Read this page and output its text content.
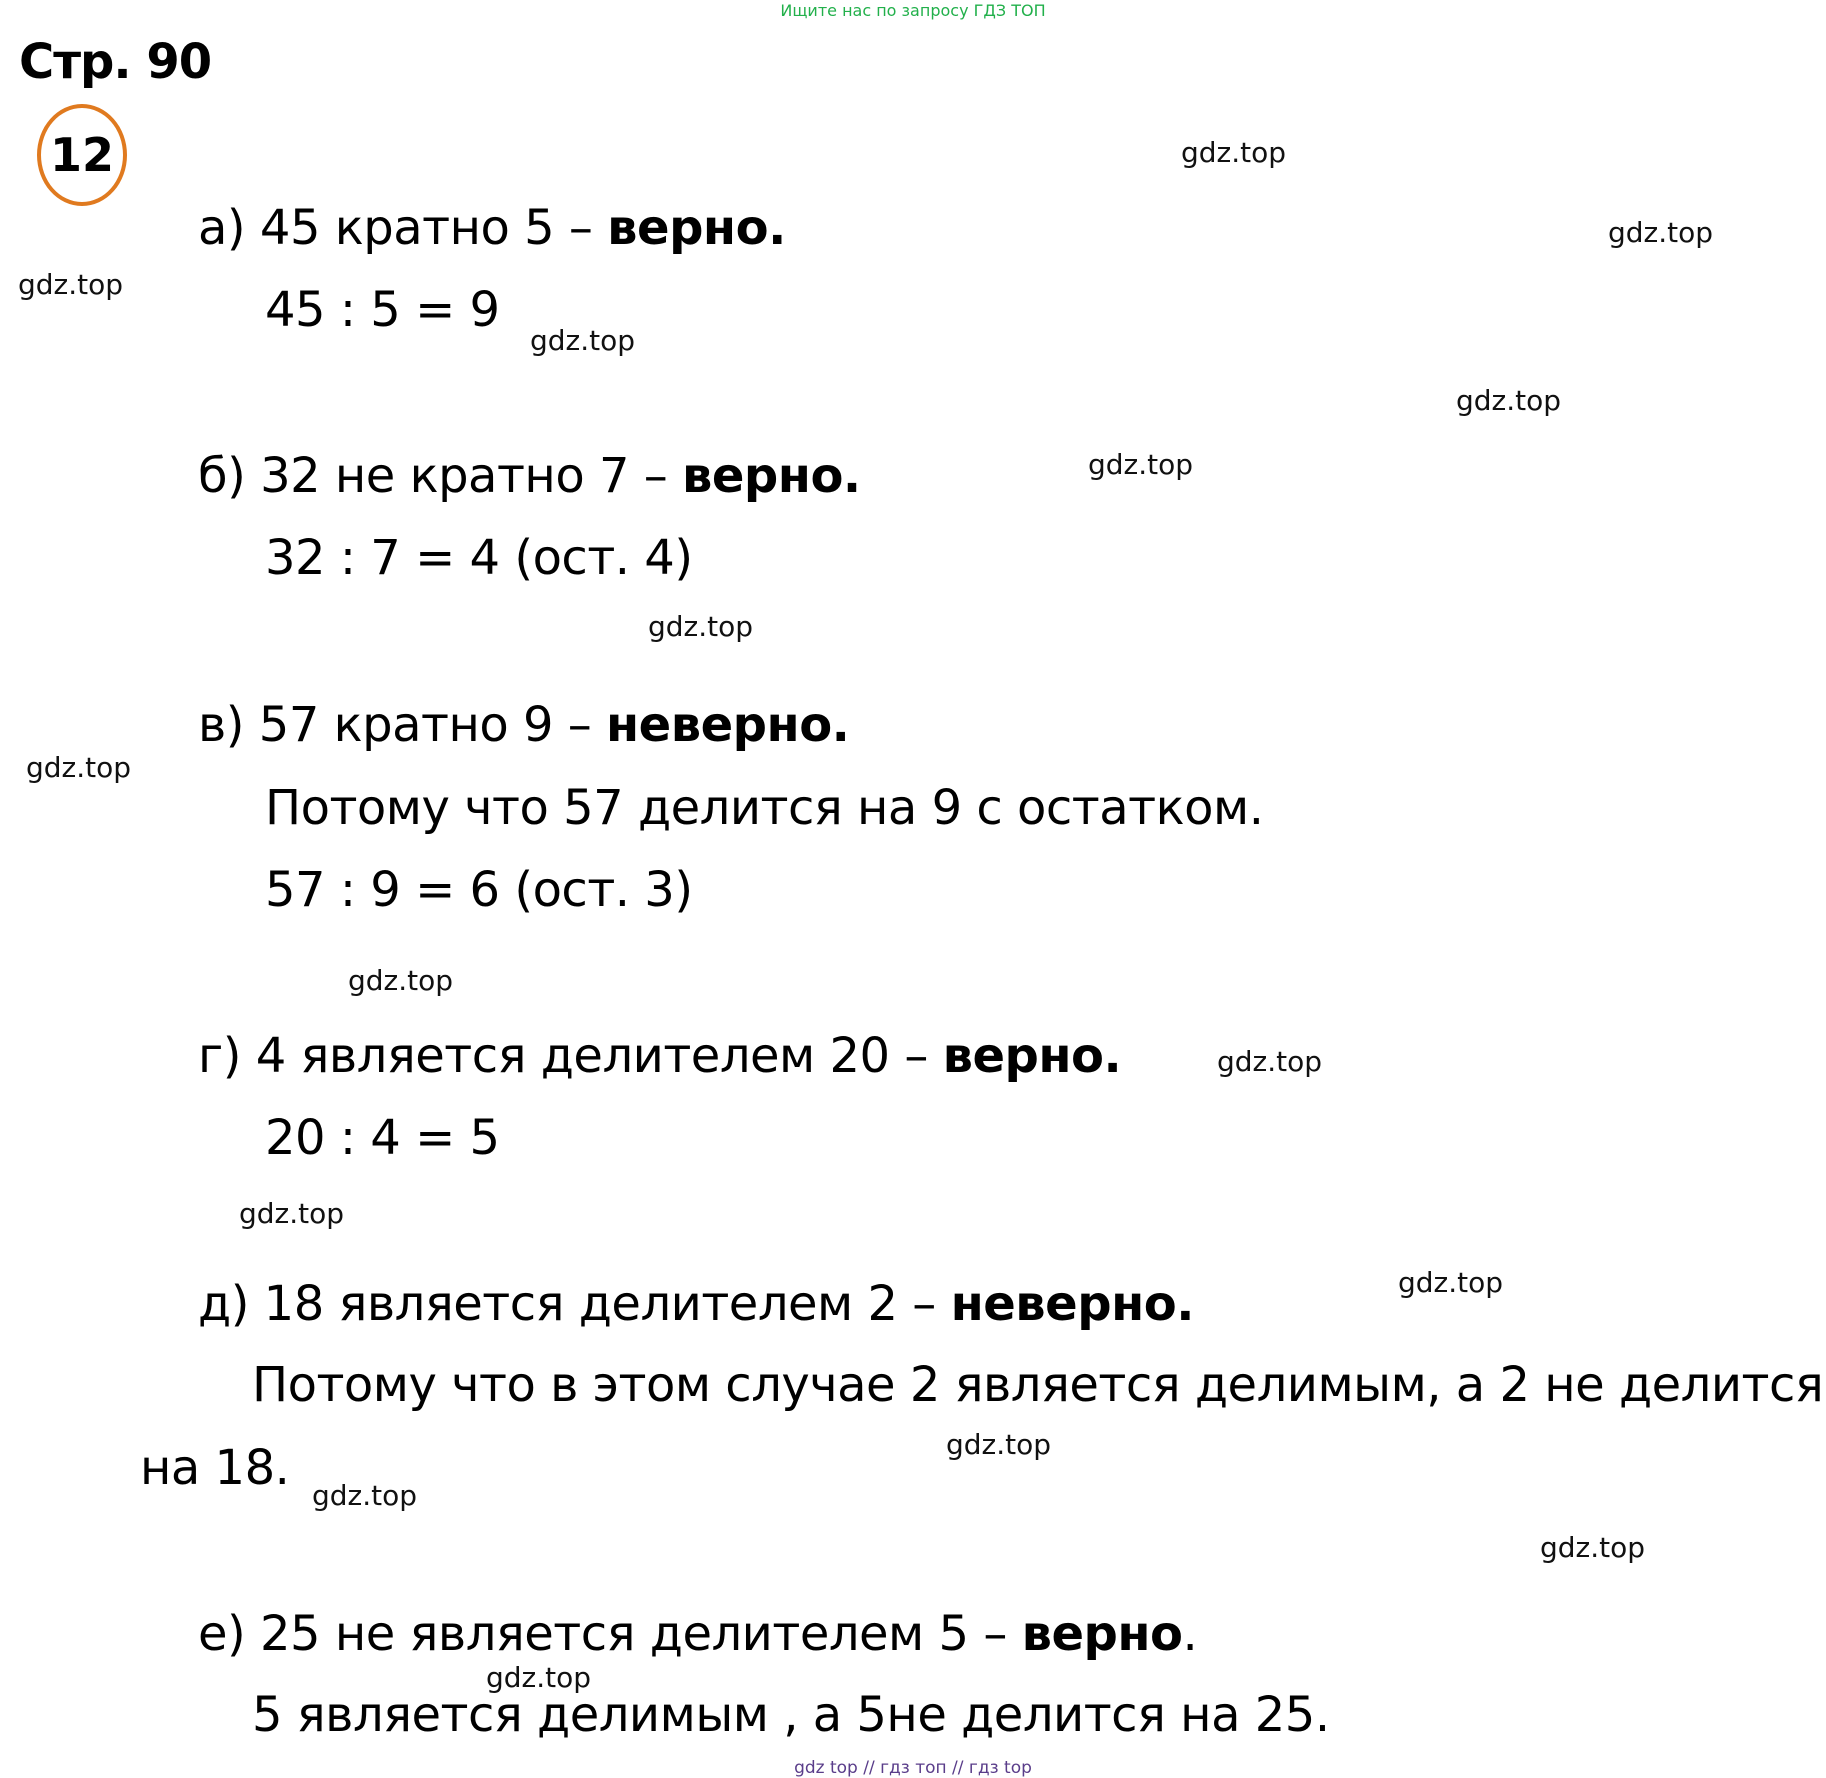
Ищите нас по запросу ГДЗ ТОП
Стр. 90
12
а) 45 кратно 5 – верно.
45 : 5 = 9
б) 32 не кратно 7 – верно.
32 : 7 = 4 (ост. 4)
в) 57 кратно 9 – неверно.
Потому что 57 делится на 9 с остатком.
57 : 9 = 6 (ост. 3)
г) 4 является делителем 20 – верно.
20 : 4 = 5
д) 18 является делителем 2 – неверно.
Потому что в этом случае 2 является делимым, а 2 не делится
на 18.
е) 25 не является делителем 5 – верно.
5 является делимым , а 5не делится на 25.
gdz.top
gdz.top
gdz.top
gdz.top
gdz.top
gdz.top
gdz.top
gdz.top
gdz.top
gdz.top
gdz.top
gdz.top
gdz.top
gdz.top
gdz.top
gdz.top
gdz top // гдз топ // гдз top
